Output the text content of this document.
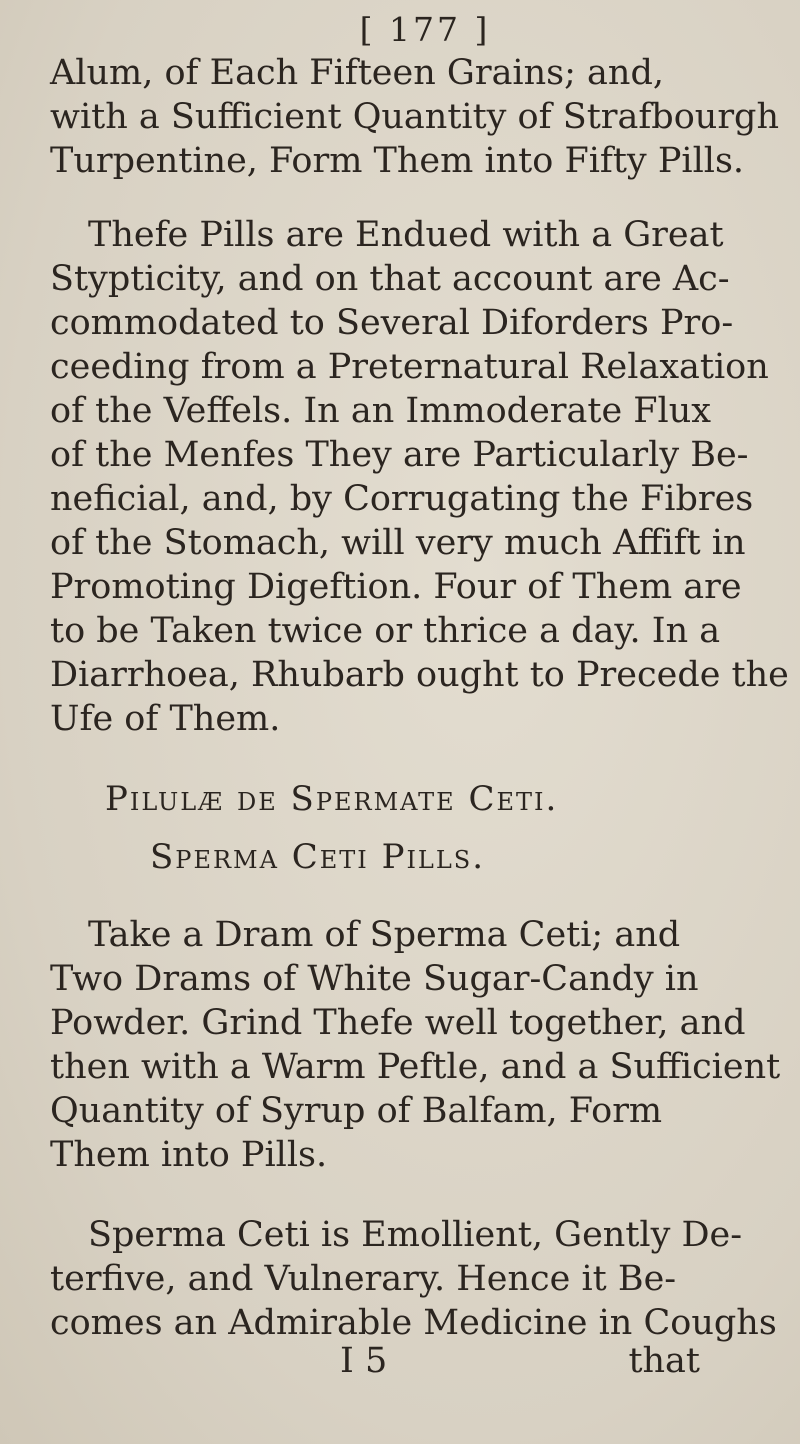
[ 177 ]

Alum, of Each Fifteen Grains; and,
with a Sufficient Quantity of Strafbourgh
Turpentine, Form Them into Fifty Pills.

Thefe Pills are Endued with a Great
Stypticity, and on that account are Ac-
commodated to Several Diforders Pro-
ceeding from a Preternatural Relaxation
of the Veffels. In an Immoderate Flux
of the Menfes They are Particularly Be-
neficial, and, by Corrugating the Fibres
of the Stomach, will very much Affift in
Promoting Digeftion. Four of Them are
to be Taken twice or thrice a day. In a
Diarrhoea, Rhubarb ought to Precede the
Ufe of Them.

Pilulæ de Spermate Ceti.
Sperma Ceti Pills.

Take a Dram of Sperma Ceti; and
Two Drams of White Sugar-Candy in
Powder. Grind Thefe well together, and
then with a Warm Peftle, and a Sufficient
Quantity of Syrup of Balfam, Form
Them into Pills.

Sperma Ceti is Emollient, Gently De-
terfive, and Vulnerary. Hence it Be-
comes an Admirable Medicine in Coughs

I 5	that
